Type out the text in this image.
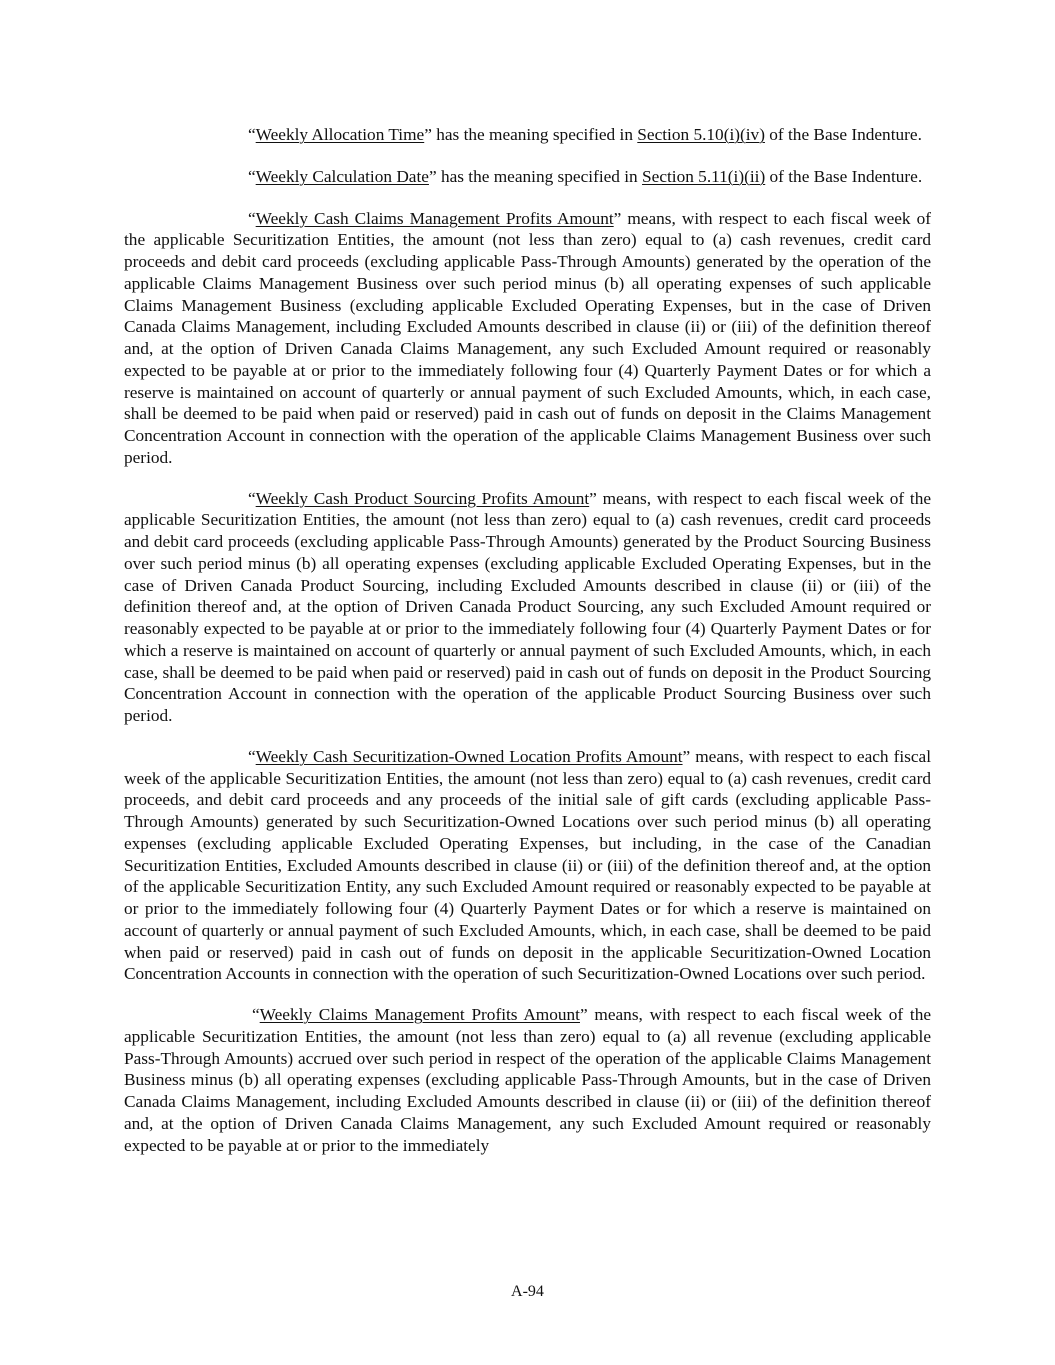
“Weekly Allocation Time” has the meaning specified in Section 5.10(i)(iv) of the Base Indenture.

“Weekly Calculation Date” has the meaning specified in Section 5.11(i)(ii) of the Base Indenture.

“Weekly Cash Claims Management Profits Amount” means, with respect to each fiscal week of the applicable Securitization Entities, the amount (not less than zero) equal to (a) cash revenues, credit card proceeds and debit card proceeds (excluding applicable Pass-Through Amounts) generated by the operation of the applicable Claims Management Business over such period minus (b) all operating expenses of such applicable Claims Management Business (excluding applicable Excluded Operating Expenses, but in the case of Driven Canada Claims Management, including Excluded Amounts described in clause (ii) or (iii) of the definition thereof and, at the option of Driven Canada Claims Management, any such Excluded Amount required or reasonably expected to be payable at or prior to the immediately following four (4) Quarterly Payment Dates or for which a reserve is maintained on account of quarterly or annual payment of such Excluded Amounts, which, in each case, shall be deemed to be paid when paid or reserved) paid in cash out of funds on deposit in the Claims Management Concentration Account in connection with the operation of the applicable Claims Management Business over such period.

“Weekly Cash Product Sourcing Profits Amount” means, with respect to each fiscal week of the applicable Securitization Entities, the amount (not less than zero) equal to (a) cash revenues, credit card proceeds and debit card proceeds (excluding applicable Pass-Through Amounts) generated by the Product Sourcing Business over such period minus (b) all operating expenses (excluding applicable Excluded Operating Expenses, but in the case of Driven Canada Product Sourcing, including Excluded Amounts described in clause (ii) or (iii) of the definition thereof and, at the option of Driven Canada Product Sourcing, any such Excluded Amount required or reasonably expected to be payable at or prior to the immediately following four (4) Quarterly Payment Dates or for which a reserve is maintained on account of quarterly or annual payment of such Excluded Amounts, which, in each case, shall be deemed to be paid when paid or reserved) paid in cash out of funds on deposit in the Product Sourcing Concentration Account in connection with the operation of the applicable Product Sourcing Business over such period.

“Weekly Cash Securitization-Owned Location Profits Amount” means, with respect to each fiscal week of the applicable Securitization Entities, the amount (not less than zero) equal to (a) cash revenues, credit card proceeds, and debit card proceeds and any proceeds of the initial sale of gift cards (excluding applicable Pass-Through Amounts) generated by such Securitization-Owned Locations over such period minus (b) all operating expenses (excluding applicable Excluded Operating Expenses, but including, in the case of the Canadian Securitization Entities, Excluded Amounts described in clause (ii) or (iii) of the definition thereof and, at the option of the applicable Securitization Entity, any such Excluded Amount required or reasonably expected to be payable at or prior to the immediately following four (4) Quarterly Payment Dates or for which a reserve is maintained on account of quarterly or annual payment of such Excluded Amounts, which, in each case, shall be deemed to be paid when paid or reserved) paid in cash out of funds on deposit in the applicable Securitization-Owned Location Concentration Accounts in connection with the operation of such Securitization-Owned Locations over such period.

“Weekly Claims Management Profits Amount” means, with respect to each fiscal week of the applicable Securitization Entities, the amount (not less than zero) equal to (a) all revenue (excluding applicable Pass-Through Amounts) accrued over such period in respect of the operation of the applicable Claims Management Business minus (b) all operating expenses (excluding applicable Pass-Through Amounts, but in the case of Driven Canada Claims Management, including Excluded Amounts described in clause (ii) or (iii) of the definition thereof and, at the option of Driven Canada Claims Management, any such Excluded Amount required or reasonably expected to be payable at or prior to the immediately

A-94
